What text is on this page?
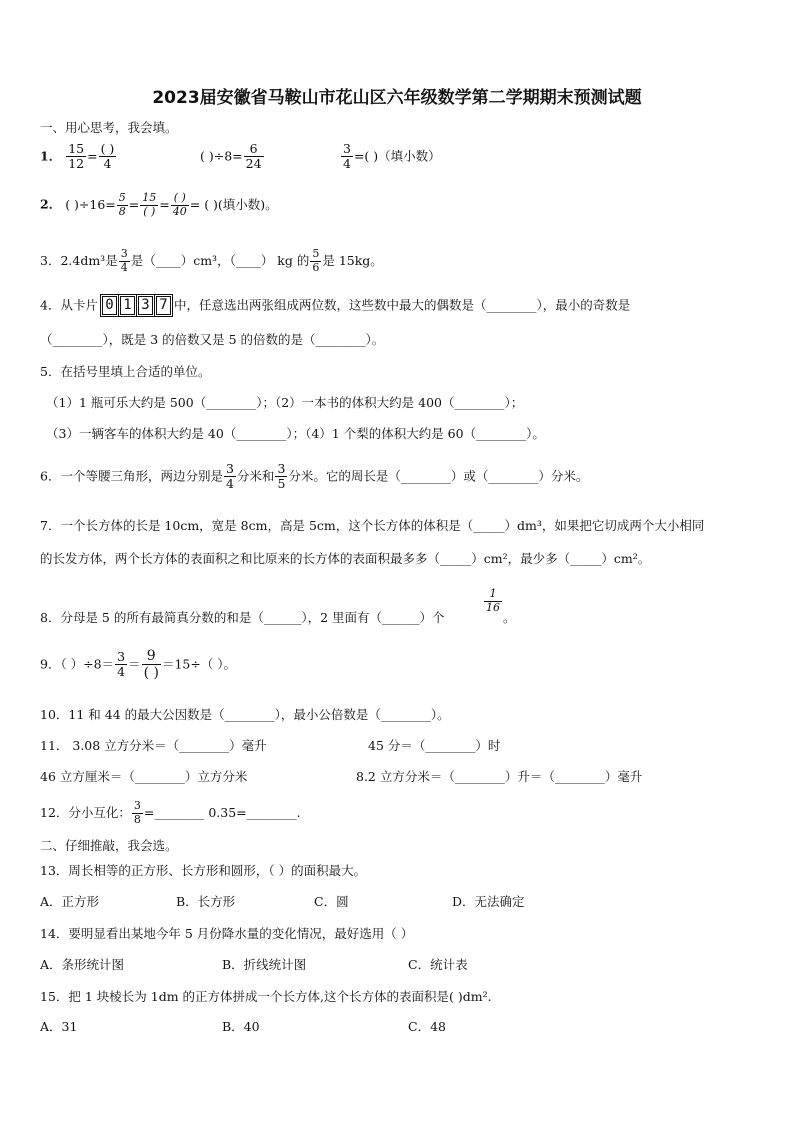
2023届安徽省马鞍山市花山区六年级数学第二学期期末预测试题
一、用心思考，我会填。
1． $\frac{15}{12} = \frac{( )}{4}$	( )$\div 8= \frac{6}{24}$	$\frac{3}{4}$ =( )（填小数）
2． ( )$\div 16= \frac{5}{8} = \frac{15}{( )} = \frac{( )}{40}$ = ( )(填小数)。
3．2.4dm³是 $\frac{3}{4}$ 是（____）cm³，（____） kg 的 $\frac{5}{6}$ 是 15kg。
4．从卡片 0 1 3 7 中，任意选出两张组成两位数，这些数中最大的偶数是（________），最小的奇数是
（________），既是 3 的倍数又是 5 的倍数的是（________）。
5．在括号里填上合适的单位。
（1）1 瓶可乐大约是 500（________）；（2）一本书的体积大约是 400（________）；
（3）一辆客车的体积大约是 40（________）；（4）1 个梨的体积大约是 60（________）。
6．一个等腰三角形，两边分别是 $\frac{3}{4}$ 分米和 $\frac{3}{5}$ 分米。它的周长是（________）或（________）分米。
7．一个长方体的长是 10cm，宽是 8cm，高是 5cm，这个长方体的体积是（_____）dm³，如果把它切成两个大小相同
的长发方体，两个长方体的表面积之和比原来的长方体的表面积最多多（_____）cm²，最少多（_____）cm²。
8．分母是 5 的所有最简真分数的和是（______），2 里面有（______）个
$\frac{1}{16}$
。
9．（ ）$\div 8= \frac{3}{4} = \frac{9}{( )} =15\div$（ ）。
10．11 和 44 的最大公因数是（________），最小公倍数是（________）。
11． 3.08 立方分米＝（________）毫升	45 分＝（________）时
46 立方厘米＝（________）立方分米	8.2 立方分米＝（________）升＝（________）毫升
12．分小互化： $\frac{3}{8}$ =________ 0.35=________.
二、仔细推敲，我会选。
13．周长相等的正方形、长方形和圆形，（ ）的面积最大。
A．正方形	B．长方形	C．圆	D．无法确定
14．要明显看出某地今年 5 月份降水量的变化情况，最好选用（ ）
A．条形统计图	B．折线统计图	C．统计表
15．把 1 块棱长为 1dm 的正方体拼成一个长方体,这个长方体的表面积是( )dm².
A．31	B．40	C．48
